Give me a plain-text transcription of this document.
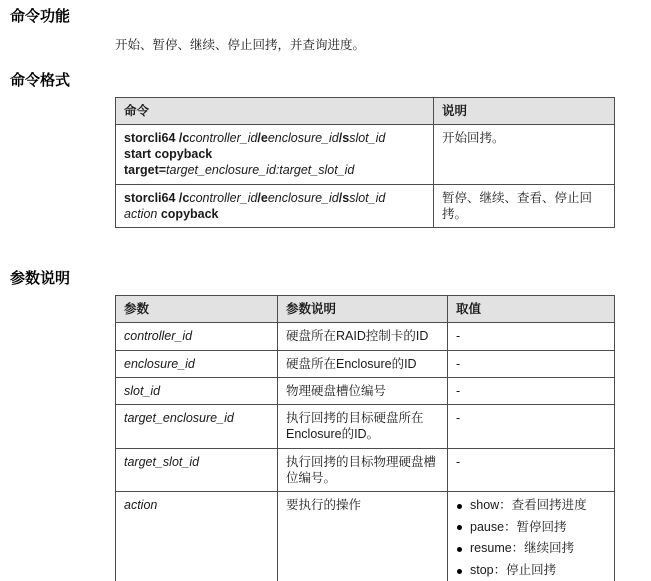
命令功能

开始、暂停、继续、停止回拷，并查询进度。

命令格式
命令	说明

storcli64 /ccontroller_id/eenclosure_id/sslot_id
start copyback
target=target_enclosure_id:target_slot_id	开始回拷。

storcli64 /ccontroller_id/eenclosure_id/sslot_id
action copyback	暂停、继续、查看、停止回拷。
参数说明
参数	参数说明	取值
controller_id	硬盘所在RAID控制卡的ID	-
enclosure_id	硬盘所在Enclosure的ID	-
slot_id	物理硬盘槽位编号	-
target_enclosure_id	执行回拷的目标硬盘所在Enclosure的ID。	-
target_slot_id	执行回拷的目标物理硬盘槽位编号。	-
action	要执行的操作	show：查看回拷进度
pause：暂停回拷
resume：继续回拷
stop：停止回拷
